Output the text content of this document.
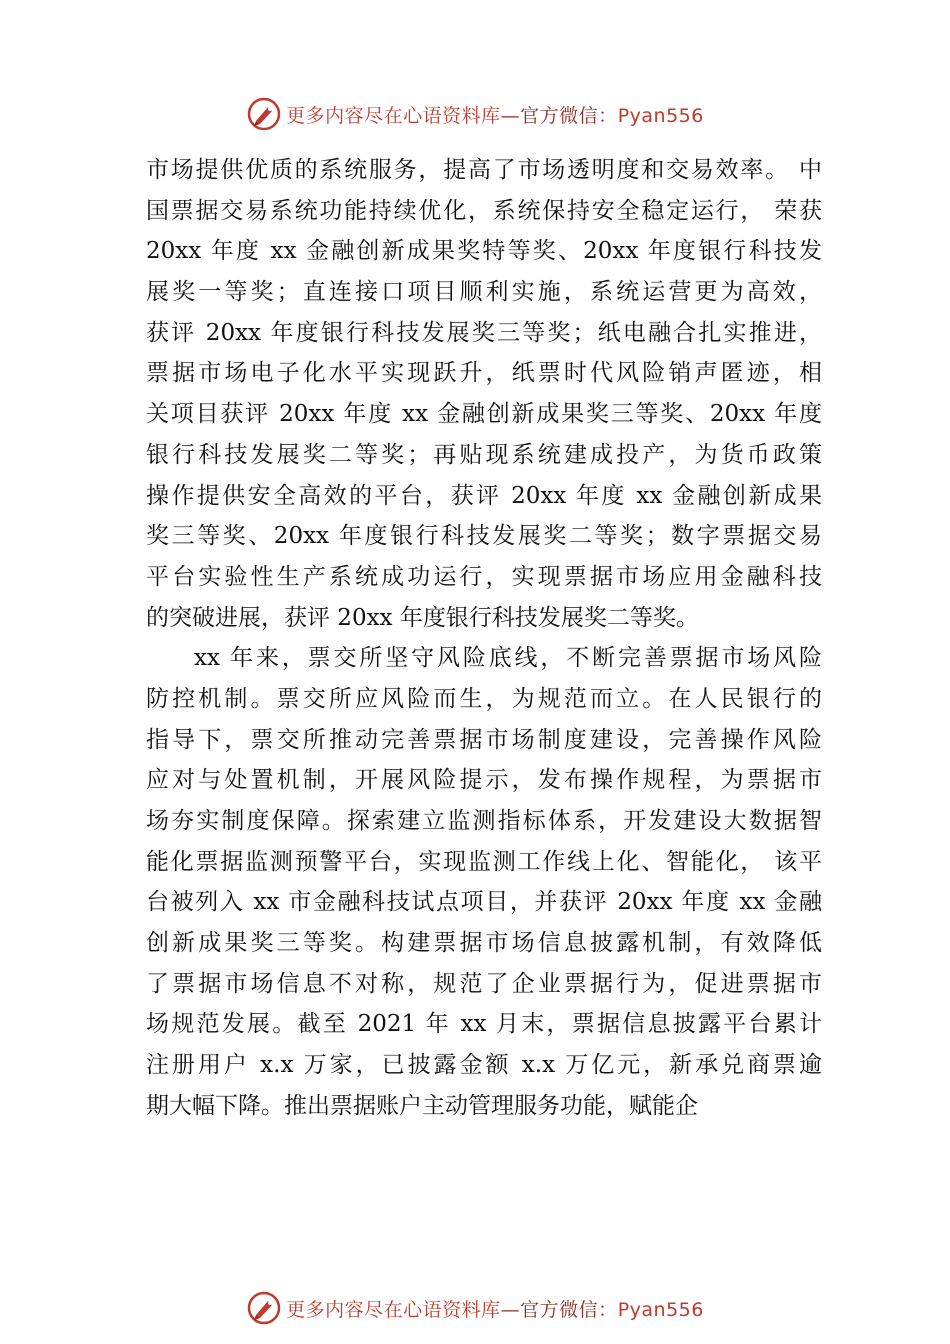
更多内容尽在心语资料库—官方微信：Pyan556
市场提供优质的系统服务，提高了市场透明度和交易效率。 中
国票据交易系统功能持续优化，系统保持安全稳定运行， 荣获
20xx 年度 xx 金融创新成果奖特等奖、20xx 年度银行科技发
展奖一等奖；直连接口项目顺利实施，系统运营更为高效，
获评 20xx 年度银行科技发展奖三等奖；纸电融合扎实推进，
票据市场电子化水平实现跃升，纸票时代风险销声匿迹，相
关项目获评 20xx 年度 xx 金融创新成果奖三等奖、20xx 年度
银行科技发展奖二等奖；再贴现系统建成投产，为货币政策
操作提供安全高效的平台，获评 20xx 年度 xx 金融创新成果
奖三等奖、20xx 年度银行科技发展奖二等奖；数字票据交易
平台实验性生产系统成功运行，实现票据市场应用金融科技
的突破进展，获评 20xx 年度银行科技发展奖二等奖。
xx 年来，票交所坚守风险底线，不断完善票据市场风险
防控机制。票交所应风险而生，为规范而立。在人民银行的
指导下，票交所推动完善票据市场制度建设，完善操作风险
应对与处置机制，开展风险提示，发布操作规程，为票据市
场夯实制度保障。探索建立监测指标体系，开发建设大数据智
能化票据监测预警平台，实现监测工作线上化、智能化， 该平
台被列入 xx 市金融科技试点项目，并获评 20xx 年度 xx 金融
创新成果奖三等奖。构建票据市场信息披露机制，有效降低
了票据市场信息不对称，规范了企业票据行为，促进票据市
场规范发展。截至 2021 年 xx 月末，票据信息披露平台累计
注册用户 x.x 万家，已披露金额 x.x 万亿元，新承兑商票逾
期大幅下降。推出票据账户主动管理服务功能，赋能企
更多内容尽在心语资料库—官方微信：Pyan556
